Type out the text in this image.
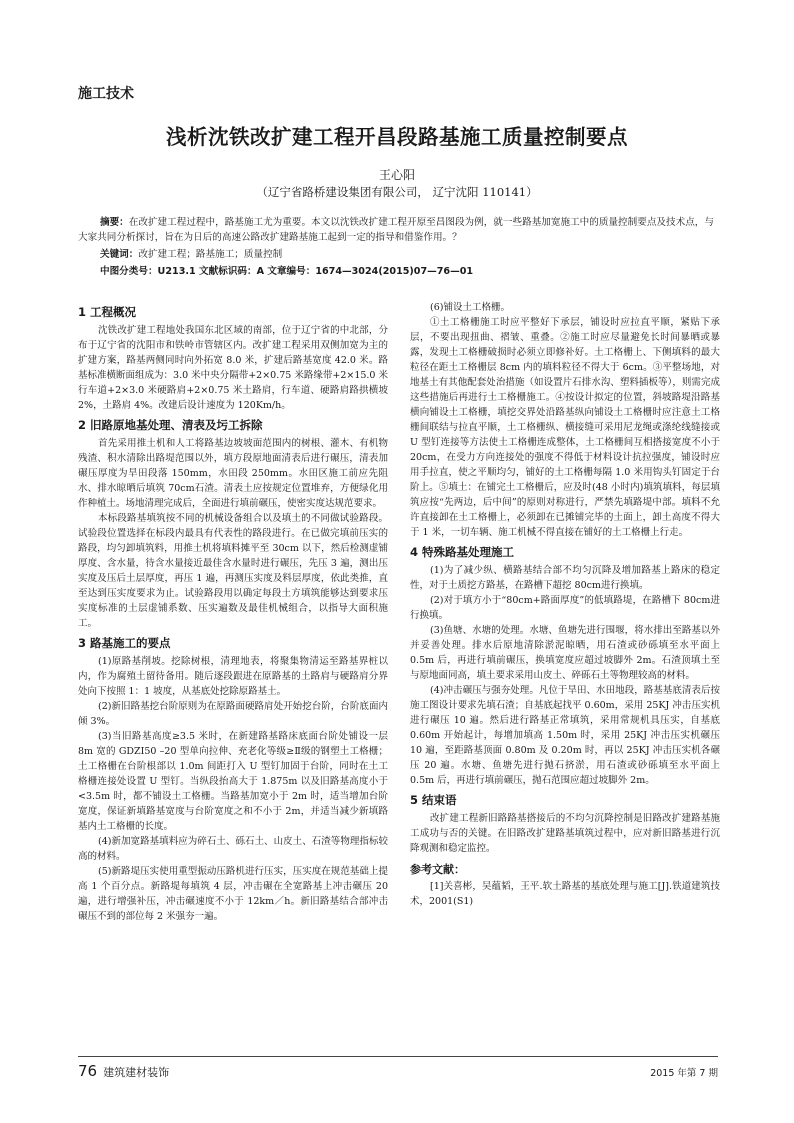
施工技术
浅析沈铁改扩建工程开昌段路基施工质量控制要点
王心阳
（辽宁省路桥建设集团有限公司， 辽宁沈阳 110141）
摘要：在改扩建工程过程中，路基施工尤为重要。本文以沈铁改扩建工程开原至昌图段为例，就一些路基加宽施工中的质量控制要点及技术点，与大家共同分析探讨，旨在为日后的高速公路改扩建路基施工起到一定的指导和借鉴作用。？
关键词：改扩建工程；路基施工；质量控制
中图分类号：U213.1 文献标识码：A 文章编号：1674—3024(2015)07—76—01
1 工程概况

沈铁改扩建工程地处我国东北区域的南部，位于辽宁省的中北部，分布于辽宁省的沈阳市和铁岭市管辖区内。改扩建工程采用双侧加宽为主的扩建方案，路基两侧同时向外拓宽 8.0 米，扩建后路基宽度 42.0 米。路基标准横断面组成为：3.0 米中央分隔带+2×0.75 米路缘带+2×15.0 米行车道+2×3.0 米硬路肩+2×0.75 米土路肩，行车道、硬路肩路拱横坡 2%，土路肩 4%。改建后设计速度为 120Km/h。

2 旧路原地基处理、清表及圬工拆除

首先采用推土机和人工将路基边坡坡面范围内的树根、灌木、有机物残渣、积水清除出路堤范围以外，填方段原地面清表后进行碾压，清表加碾压厚度为旱田段落 150mm，水田段 250mm。水田区施工前应先阻水、排水晾晒后填筑 70cm石渣。清表土应按规定位置堆弃，方便绿化用作种植土。场地清理完成后，全面进行填前碾压，使密实度达规范要求。

本标段路基填筑按不同的机械设备组合以及填土的不同做试验路段。试验段位置选择在标段内最具有代表性的路段进行。在已做完填前压实的路段，均匀卸填筑料，用推土机将填料摊平至 30cm 以下，然后检测虚铺厚度、含水量，待含水量接近最佳含水量时进行碾压，先压 3 遍，测出压实度及压后土层厚度，再压 1 遍，再测压实度及料层厚度，依此类推，直至达到压实度要求为止。试验路段用以确定每段土方填筑能够达到要求压实度标准的土层虚铺系数、压实遍数及最佳机械组合，以指导大面积施工。

3 路基施工的要点

(1)原路基削坡。挖除树根，清理地表，将聚集物清运至路基界桩以内，作为腐殖土留待备用。随后逐段跟进在原路基的土路肩与硬路肩分界处向下按照 1：1 坡度，从基底处挖除原路基土。

(2)新旧路基挖台阶原则为在原路面硬路肩处开始挖台阶，台阶底面内倾 3%。

(3)当旧路基高度≥3.5 米时，在新建路基路床底面台阶处铺设一层 8m 宽的 GDZI50 –20 型单向拉伸、充老化等级≥Ⅱ级的钢塑土工格栅；土工格栅在台阶根部以 1.0m 间距打入 U 型钉加固于台阶，同时在土工格栅连接处设置 U 型钉。当纵段抬高大于 1.875m 以及旧路基高度小于<3.5m 时，都不铺设土工格栅。当路基加宽小于 2m 时，适当增加台阶宽度，保证新填路基宽度与台阶宽度之和不小于 2m，并适当减少新填路基内土工格栅的长度。

(4)新加宽路基填料应为碎石土、砾石土、山皮土、石渣等物理指标较高的材料。

(5)新路堤压实使用重型振动压路机进行压实，压实度在规范基础上提高 1 个百分点。新路堤每填筑 4 层，冲击碾在全宽路基上冲击碾压 20 遍，进行增强补压，冲击碾速度不小于 12km／h。新旧路基结合部冲击碾压不到的部位每 2 米强夯一遍。

(6)铺设土工格栅。

①土工格栅施工时应平整好下承层，铺设时应拉直平顺，紧贴下承层，不要出现扭曲、褶皱、重叠。②施工时应尽量避免长时间暴晒或暴露，发现土工格栅破损时必须立即修补好。土工格栅上、下侧填料的最大粒径在距土工格栅层 8cm 内的填料粒径不得大于 6cm。③平整场地，对地基土有其他配套处治措施（如设置片石排水沟、塑料插板等），则需完成这些措施后再进行土工格栅施工。④按设计拟定的位置，斜坡路堤沿路基横向铺设土工格栅，填挖交界处沿路基纵向铺设土工格栅时应注意土工格栅间联结与拉直平顺，土工格栅纵、横接缝可采用尼龙绳或涤纶线缝接或 U 型钉连接等方法使土工格栅连成整体，土工格栅间互相搭接宽度不小于 20cm，在受力方向连接处的强度不得低于材料设计抗拉强度，铺设时应用手拉直，使之平顺均匀，铺好的土工格栅每隔 1.0 米用钩头钉固定于台阶上。⑤填土：在铺完土工格栅后，应及时(48 小时内)填筑填料，每层填筑应按“先两边，后中间”的原则对称进行，严禁先填路堤中部。填料不允许直接卸在土工格栅上，必须卸在已摊铺完毕的土面上，卸土高度不得大于 1 米，一切车辆、施工机械不得直接在铺好的土工格栅上行走。

4 特殊路基处理施工

(1)为了减少纵、横路基结合部不均匀沉降及增加路基上路床的稳定性，对于土质挖方路基，在路槽下超挖 80cm进行换填。

(2)对于填方小于“80cm+路面厚度”的低填路堤，在路槽下 80cm进行换填。

(3)鱼塘、水塘的处理。水塘、鱼塘先进行围堰，将水排出至路基以外并妥善处理。排水后原地清除淤泥晾晒，用石渣或砂砾填至水平面上 0.5m 后，再进行填前碾压，换填宽度应超过坡脚外 2m。石渣顶填土至与原地面同高，填土要求采用山皮土、碎砾石土等物理较高的材料。

(4)冲击碾压与强夯处理。凡位于旱田、水田地段，路基基底清表后按施工图设计要求先填石渣；自基底起找平 0.60m，采用 25KJ 冲击压实机进行碾压 10 遍。然后进行路基正常填筑，采用常规机具压实，自基底 0.60m 开始起计，每增加填高 1.50m 时，采用 25KJ 冲击压实机碾压 10 遍，至距路基顶面 0.80m 及 0.20m 时，再以 25KJ 冲击压实机各碾压 20 遍。水塘、鱼塘先进行抛石挤淤，用石渣或砂砾填至水平面上 0.5m 后，再进行填前碾压，抛石范围应超过坡脚外 2m。

5 结束语

改扩建工程新旧路路基搭接后的不均匀沉降控制是旧路改扩建路基施工成功与否的关键。在旧路改扩建路基填筑过程中，应对新旧路基进行沉降观测和稳定监控。

参考文献：

[1]关喜彬，吴蕴韬，王平.软土路基的基底处理与施工[J].铁道建筑技术，2001(S1)

76 建筑建材装饰	2015 年第 7 期
